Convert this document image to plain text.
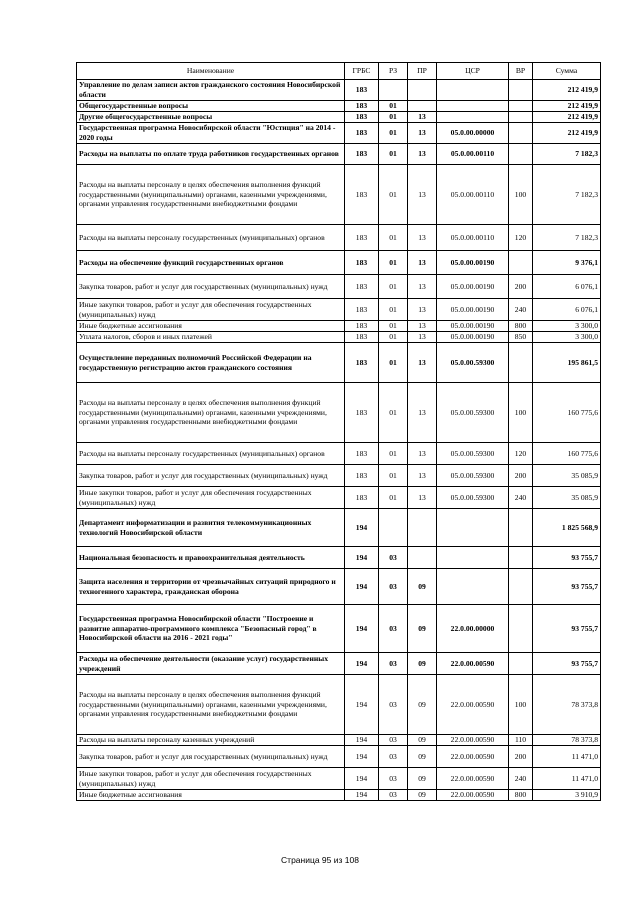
Наименование	ГРБС	РЗ	ПР	ЦСР	ВР	Сумма
Управление по делам записи актов гражданского состояния Новосибирской области	183					212 419,9
Общегосударственные вопросы	183	01				212 419,9
Другие общегосударственные вопросы	183	01	13			212 419,9
Государственная программа Новосибирской области "Юстиция" на 2014 - 2020 годы	183	01	13	05.0.00.00000		212 419,9
Расходы на выплаты по оплате труда работников государственных органов	183	01	13	05.0.00.00110		7 182,3
Расходы на выплаты персоналу в целях обеспечения выполнения функций государственными (муниципальными) органами, казенными учреждениями, органами управления государственными внебюджетными фондами	183	01	13	05.0.00.00110	100	7 182,3
Расходы на выплаты персоналу государственных (муниципальных) органов	183	01	13	05.0.00.00110	120	7 182,3
Расходы на обеспечение функций государственных органов	183	01	13	05.0.00.00190		9 376,1
Закупка товаров, работ и услуг для государственных (муниципальных) нужд	183	01	13	05.0.00.00190	200	6 076,1
Иные закупки товаров, работ и услуг для обеспечения государственных (муниципальных) нужд	183	01	13	05.0.00.00190	240	6 076,1
Иные бюджетные ассигнования	183	01	13	05.0.00.00190	800	3 300,0
Уплата налогов, сборов и иных платежей	183	01	13	05.0.00.00190	850	3 300,0
Осуществление переданных полномочий Российской Федерации на государственную регистрацию актов гражданского состояния	183	01	13	05.0.00.59300		195 861,5
Расходы на выплаты персоналу в целях обеспечения выполнения функций государственными (муниципальными) органами, казенными учреждениями, органами управления государственными внебюджетными фондами	183	01	13	05.0.00.59300	100	160 775,6
Расходы на выплаты персоналу государственных (муниципальных) органов	183	01	13	05.0.00.59300	120	160 775,6
Закупка товаров, работ и услуг для государственных (муниципальных) нужд	183	01	13	05.0.00.59300	200	35 085,9
Иные закупки товаров, работ и услуг для обеспечения государственных (муниципальных) нужд	183	01	13	05.0.00.59300	240	35 085,9
Департамент информатизации и развития телекоммуникационных технологий Новосибирской области	194					1 825 568,9
Национальная безопасность и правоохранительная деятельность	194	03				93 755,7
Защита населения и территории от чрезвычайных ситуаций природного и техногенного характера, гражданская оборона	194	03	09			93 755,7
Государственная программа Новосибирской области "Построение и развитие аппаратно-программного комплекса "Безопасный город" в Новосибирской области на 2016 - 2021 годы"	194	03	09	22.0.00.00000		93 755,7
Расходы на обеспечение деятельности (оказание услуг) государственных учреждений	194	03	09	22.0.00.00590		93 755,7
Расходы на выплаты персоналу в целях обеспечения выполнения функций государственными (муниципальными) органами, казенными учреждениями, органами управления государственными внебюджетными фондами	194	03	09	22.0.00.00590	100	78 373,8
Расходы на выплаты персоналу казенных учреждений	194	03	09	22.0.00.00590	110	78 373,8
Закупка товаров, работ и услуг для государственных (муниципальных) нужд	194	03	09	22.0.00.00590	200	11 471,0
Иные закупки товаров, работ и услуг для обеспечения государственных (муниципальных) нужд	194	03	09	22.0.00.00590	240	11 471,0
Иные бюджетные ассигнования	194	03	09	22.0.00.00590	800	3 910,9
Страница 95 из 108
